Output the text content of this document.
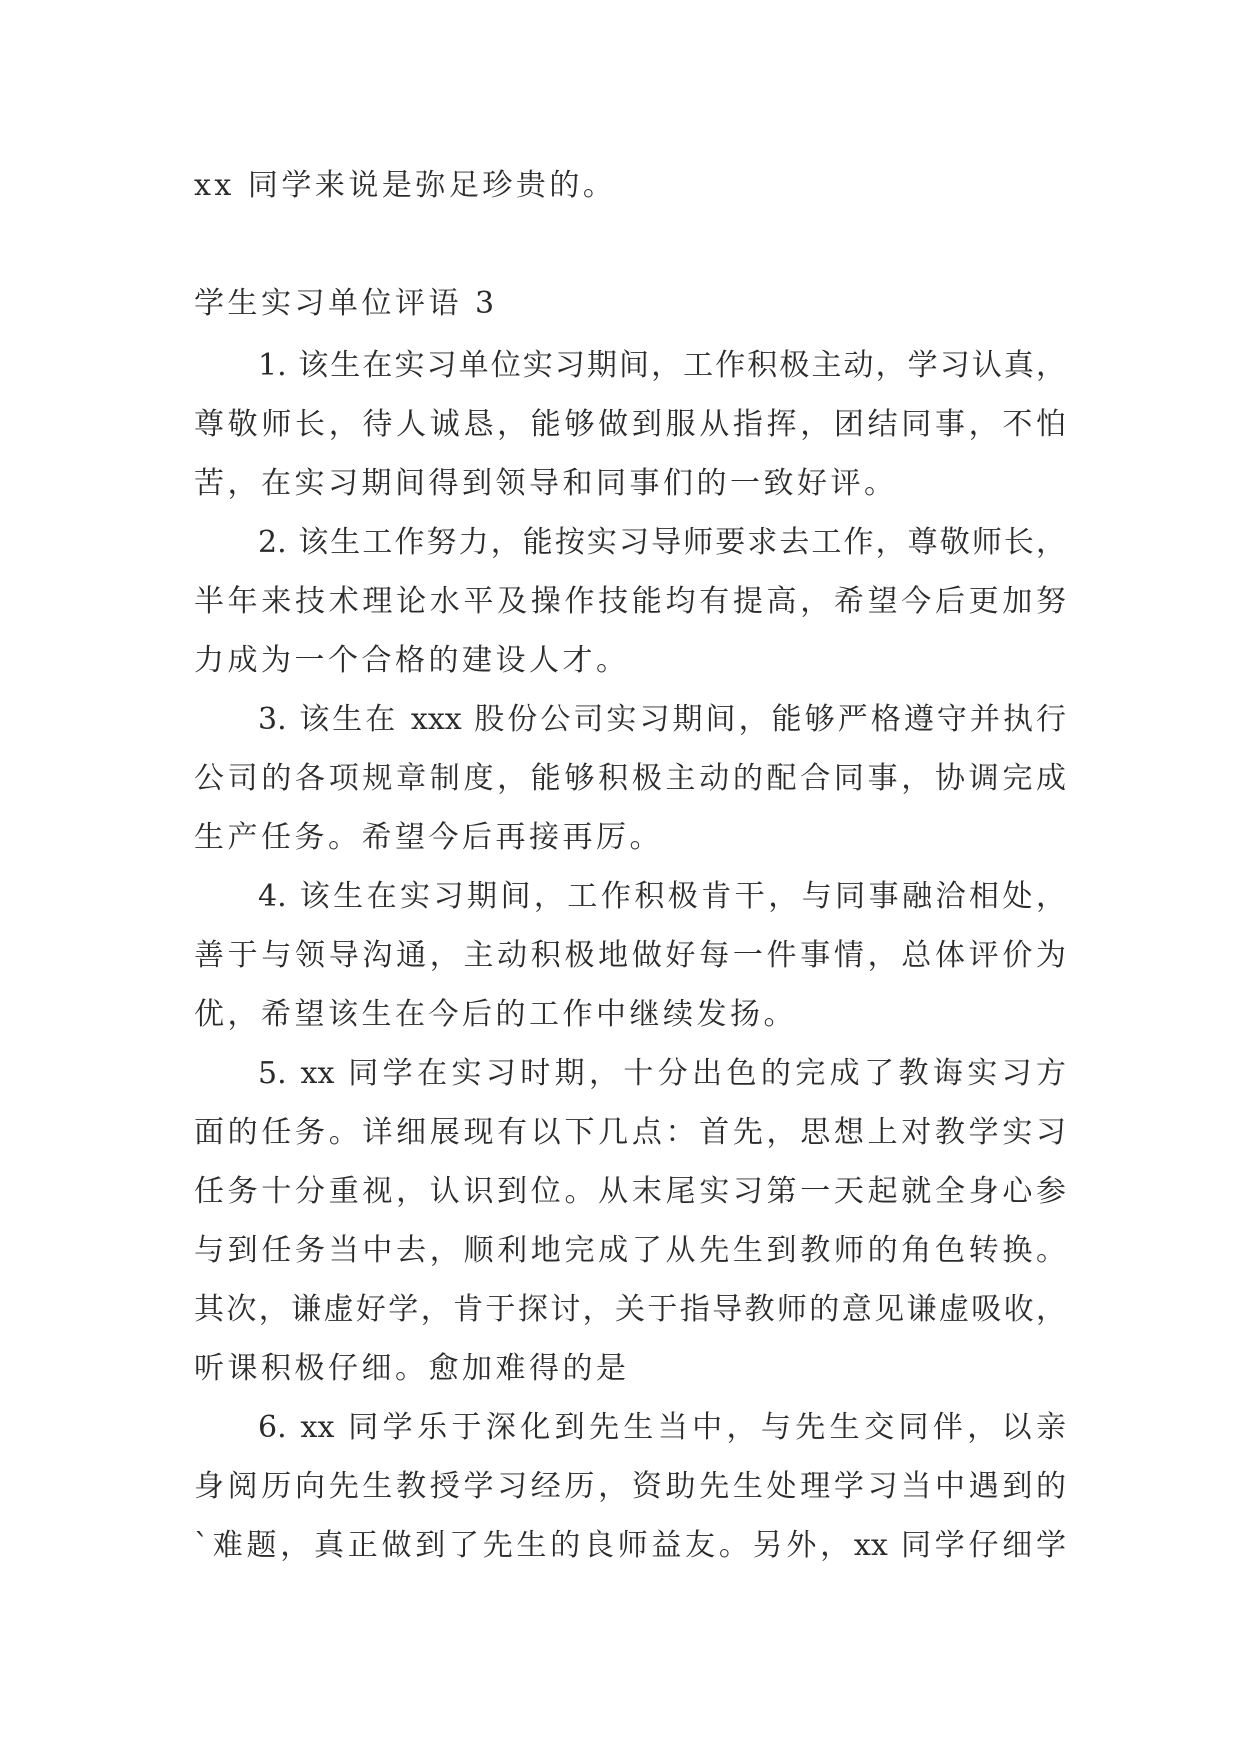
xx 同学来说是弥足珍贵的。
学生实习单位评语 3
1. 该生在实习单位实习期间，工作积极主动，学习认真，
尊敬师长，待人诚恳，能够做到服从指挥，团结同事，不怕
苦，在实习期间得到领导和同事们的一致好评。
2. 该生工作努力，能按实习导师要求去工作，尊敬师长，
半年来技术理论水平及操作技能均有提高，希望今后更加努
力成为一个合格的建设人才。
3. 该生在 xxx 股份公司实习期间，能够严格遵守并执行
公司的各项规章制度，能够积极主动的配合同事，协调完成
生产任务。希望今后再接再厉。
4. 该生在实习期间，工作积极肯干，与同事融洽相处，
善于与领导沟通，主动积极地做好每一件事情，总体评价为
优，希望该生在今后的工作中继续发扬。
5. xx 同学在实习时期，十分出色的完成了教诲实习方
面的任务。详细展现有以下几点：首先，思想上对教学实习
任务十分重视，认识到位。从末尾实习第一天起就全身心参
与到任务当中去，顺利地完成了从先生到教师的角色转换。
其次，谦虚好学，肯于探讨，关于指导教师的意见谦虚吸收，
听课积极仔细。愈加难得的是
6. xx 同学乐于深化到先生当中，与先生交同伴，以亲
身阅历向先生教授学习经历，资助先生处理学习当中遇到的
`难题，真正做到了先生的良师益友。另外，xx 同学仔细学
